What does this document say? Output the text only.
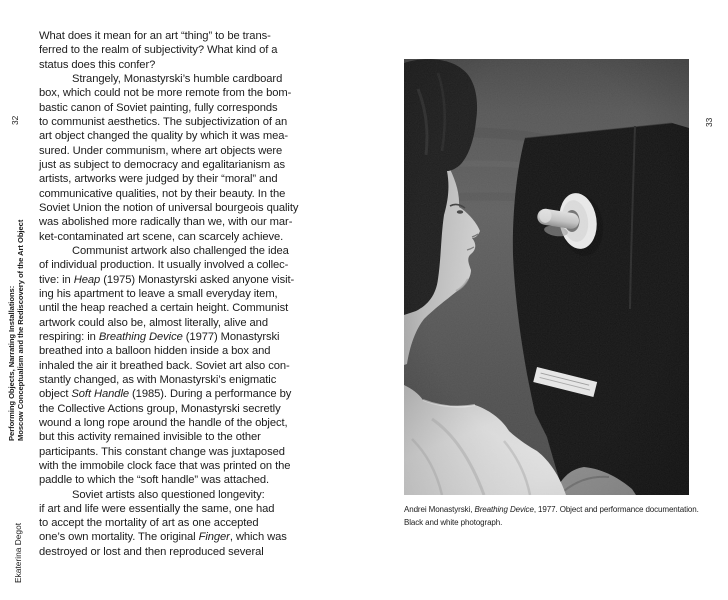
32
Performing Objects, Narrating Installations: Moscow Conceptualism and the Rediscovery of the Art Object
Ekaterina Degot
What does it mean for an art “thing” to be trans-
ferred to the realm of subjectivity? What kind of a
status does this confer?
Strangely, Monastyrski’s humble cardboard
box, which could not be more remote from the bom-
bastic canon of Soviet painting, fully corresponds
to communist aesthetics. The subjectivization of an
art object changed the quality by which it was mea-
sured. Under communism, where art objects were
just as subject to democracy and egalitarianism as
artists, artworks were judged by their “moral” and
communicative qualities, not by their beauty. In the
Soviet Union the notion of universal bourgeois quality
was abolished more radically than we, with our mar-
ket-contaminated art scene, can scarcely achieve.
Communist artwork also challenged the idea
of individual production. It usually involved a collec-
tive: in Heap (1975) Monastyrski asked anyone visit-
ing his apartment to leave a small everyday item,
until the heap reached a certain height. Communist
artwork could also be, almost literally, alive and
respiring: in Breathing Device (1977) Monastyrski
breathed into a balloon hidden inside a box and
inhaled the air it breathed back. Soviet art also con-
stantly changed, as with Monastyrski’s enigmatic
object Soft Handle (1985). During a performance by
the Collective Actions group, Monastyrski secretly
wound a long rope around the handle of the object,
but this activity remained invisible to the other
participants. This constant change was juxtaposed
with the immobile clock face that was printed on the
paddle to which the “soft handle” was attached.
Soviet artists also questioned longevity:
if art and life were essentially the same, one had
to accept the mortality of art as one accepted
one’s own mortality. The original Finger, which was
destroyed or lost and then reproduced several
33
Andrei Monastyrski, Breathing Device, 1977. Object and performance documentation.
Black and white photograph.
